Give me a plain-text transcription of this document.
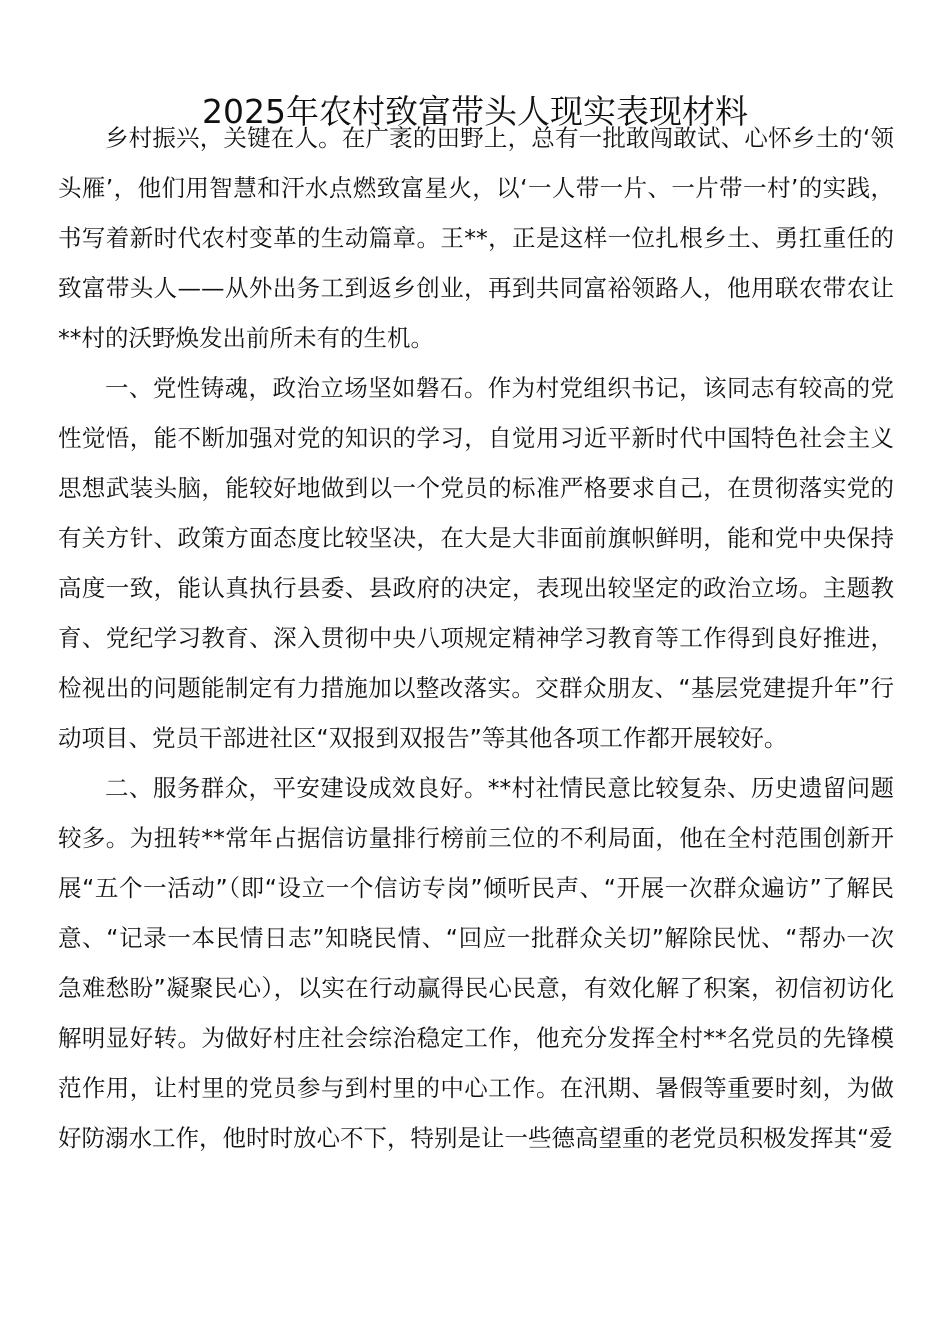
2025年农村致富带头人现实表现材料

乡村振兴，关键在人。在广袤的田野上，总有一批敢闯敢试、心怀乡土的‘领头雁’，他们用智慧和汗水点燃致富星火，以‘一人带一片、一片带一村’的实践，书写着新时代农村变革的生动篇章。王**，正是这样一位扎根乡土、勇扛重任的致富带头人——从外出务工到返乡创业，再到共同富裕领路人，他用联农带农让**村的沃野焕发出前所未有的生机。

一、党性铸魂，政治立场坚如磐石。作为村党组织书记，该同志有较高的党性觉悟，能不断加强对党的知识的学习，自觉用习近平新时代中国特色社会主义思想武装头脑，能较好地做到以一个党员的标准严格要求自己，在贯彻落实党的有关方针、政策方面态度比较坚决，在大是大非面前旗帜鲜明，能和党中央保持高度一致，能认真执行县委、县政府的决定，表现出较坚定的政治立场。主题教育、党纪学习教育、深入贯彻中央八项规定精神学习教育等工作得到良好推进，检视出的问题能制定有力措施加以整改落实。交群众朋友、“基层党建提升年”行动项目、党员干部进社区“双报到双报告”等其他各项工作都开展较好。

二、服务群众，平安建设成效良好。**村社情民意比较复杂、历史遗留问题较多。为扭转**常年占据信访量排行榜前三位的不利局面，他在全村范围创新开展“五个一活动”（即“设立一个信访专岗”倾听民声、“开展一次群众遍访”了解民意、“记录一本民情日志”知晓民情、“回应一批群众关切”解除民忧、“帮办一次急难愁盼”凝聚民心），以实在行动赢得民心民意，有效化解了积案，初信初访化解明显好转。为做好村庄社会综治稳定工作，他充分发挥全村**名党员的先锋模范作用，让村里的党员参与到村里的中心工作。在汛期、暑假等重要时刻，为做好防溺水工作，他时时放心不下，特别是让一些德高望重的老党员积极发挥其“爱
